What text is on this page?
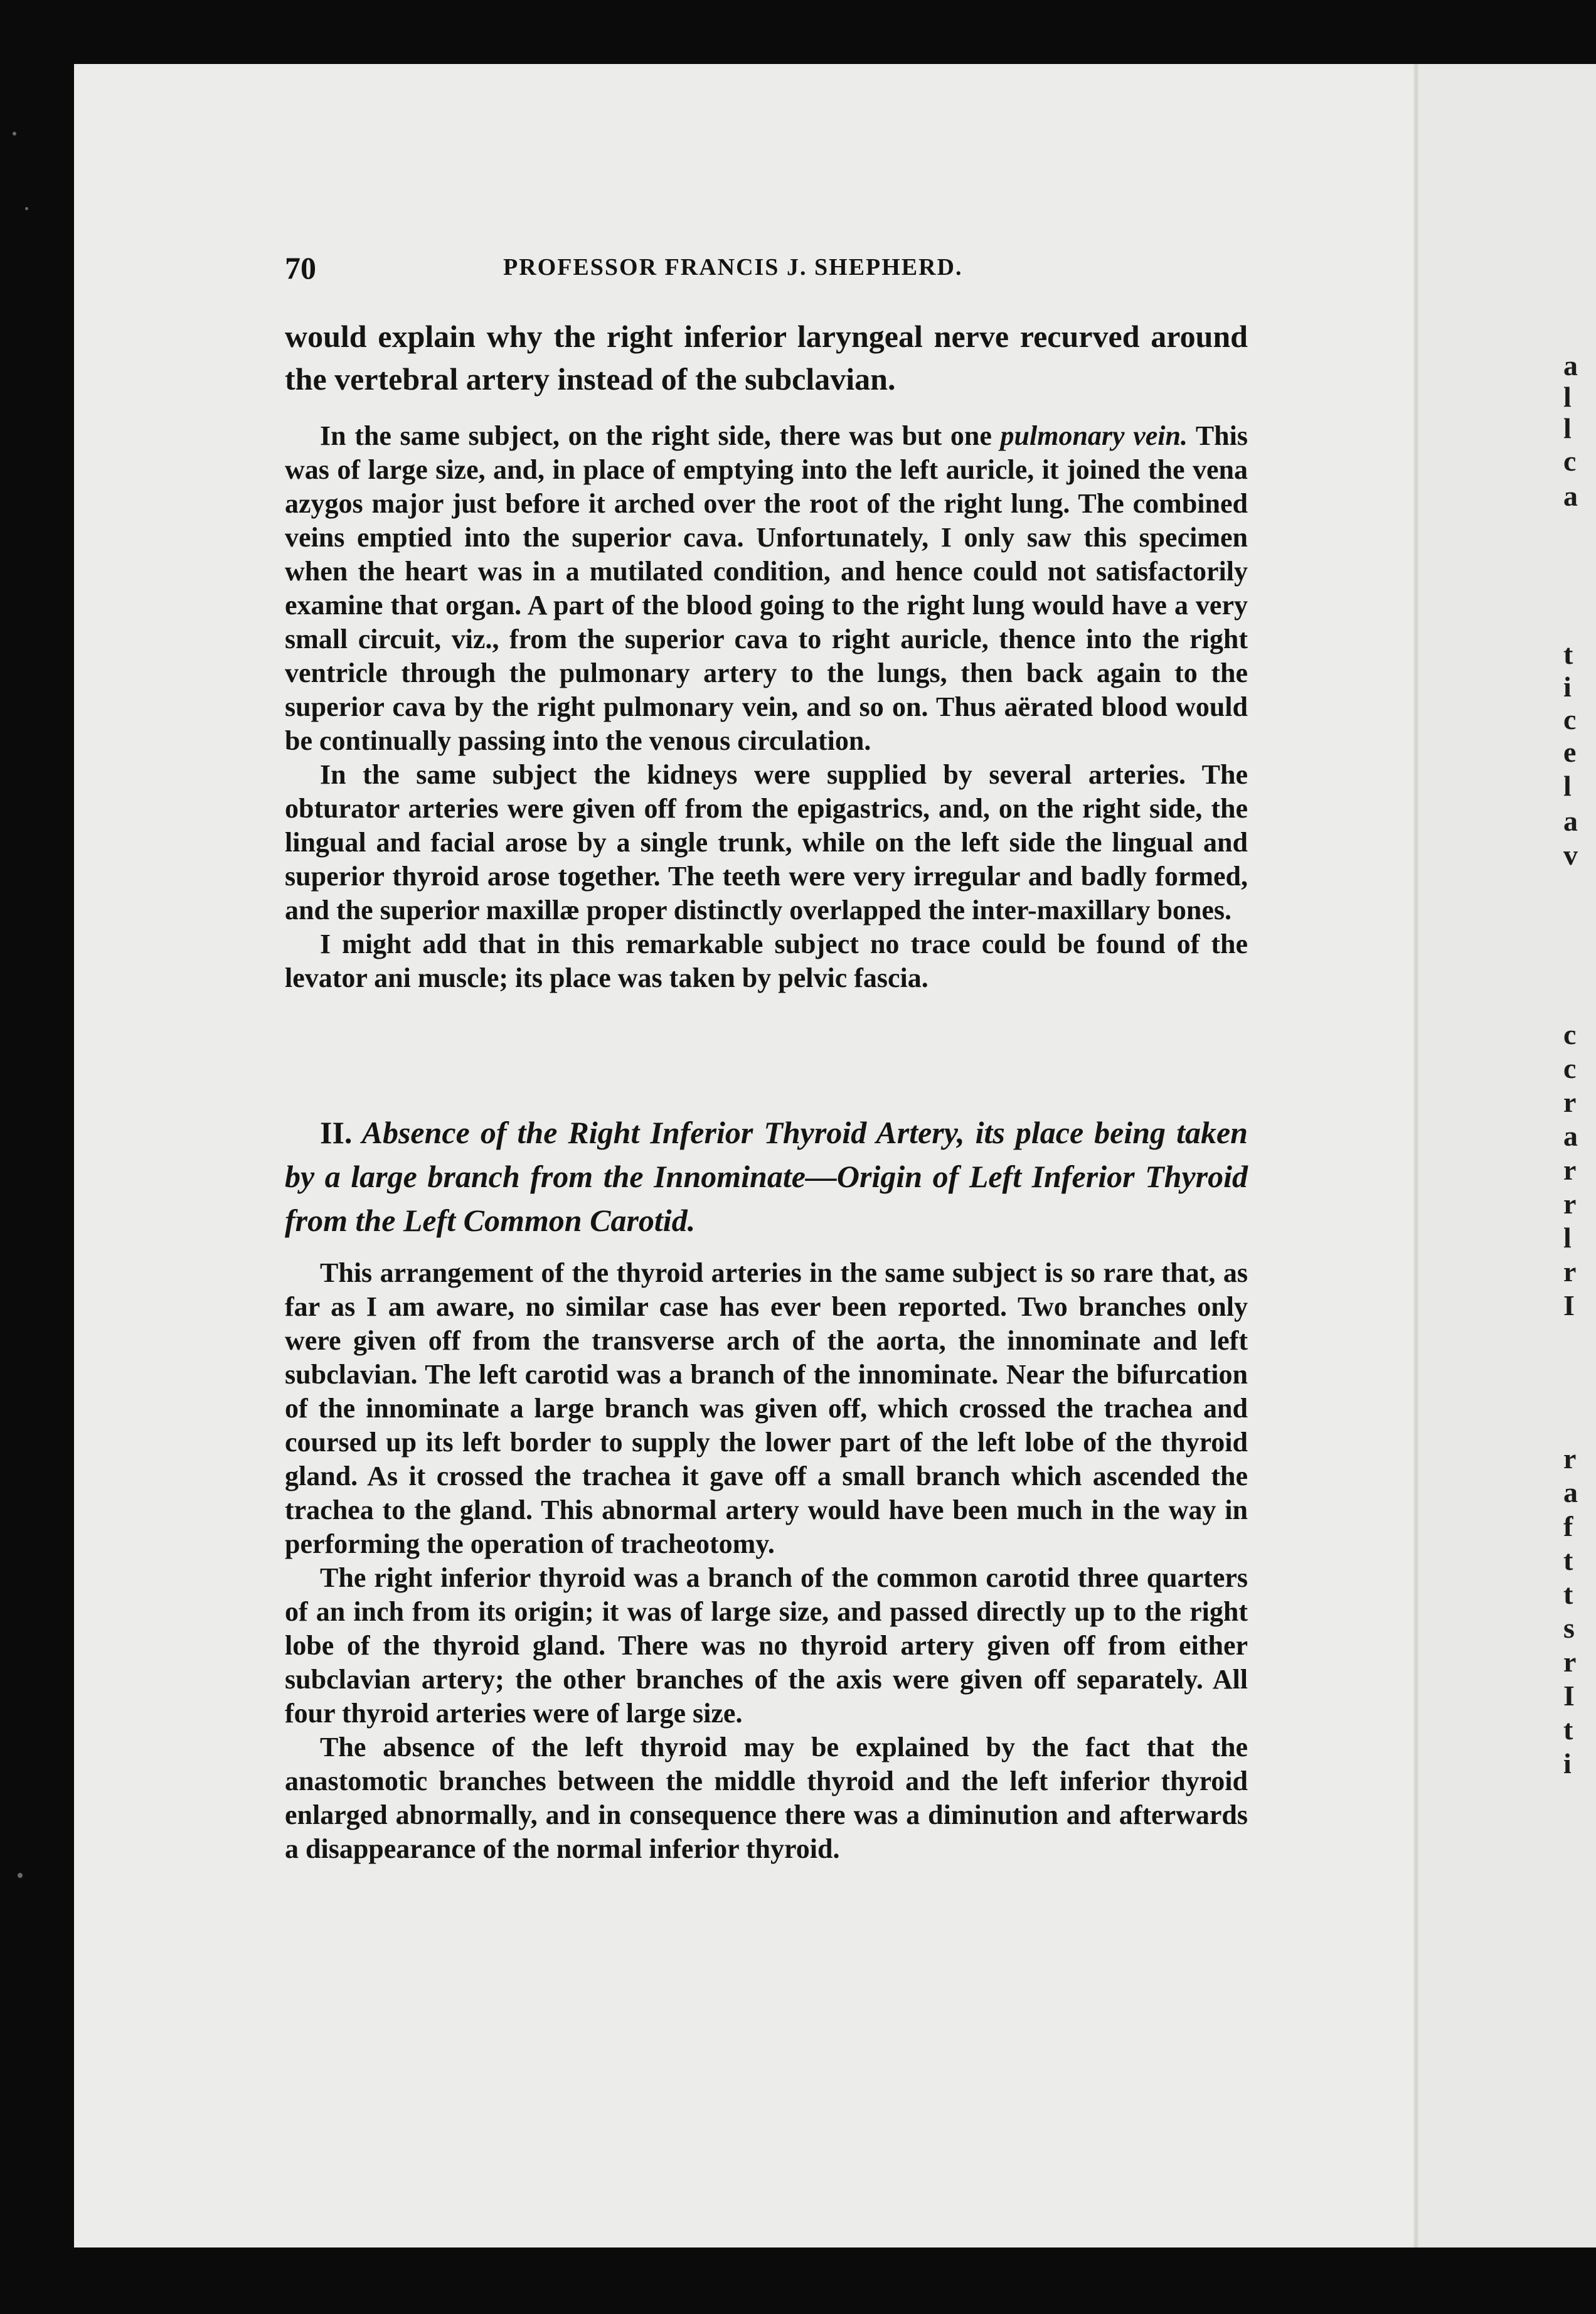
a
l
l
c
a
t
i
c
e
l
a
v
c
c
r
a
r
r
l
r
I
r
a
f
t
t
s
r
I
t
i
70	PROFESSOR FRANCIS J. SHEPHERD.

would explain why the right inferior laryngeal nerve recurved around the vertebral artery instead of the subclavian.

In the same subject, on the right side, there was but one pulmonary vein. This was of large size, and, in place of emptying into the left auricle, it joined the vena azygos major just before it arched over the root of the right lung. The combined veins emptied into the superior cava. Unfortunately, I only saw this specimen when the heart was in a mutilated condition, and hence could not satisfactorily examine that organ. A part of the blood going to the right lung would have a very small circuit, viz., from the superior cava to right auricle, thence into the right ventricle through the pulmonary artery to the lungs, then back again to the superior cava by the right pulmonary vein, and so on. Thus aërated blood would be continually passing into the venous circulation.

In the same subject the kidneys were supplied by several arteries. The obturator arteries were given off from the epigastrics, and, on the right side, the lingual and facial arose by a single trunk, while on the left side the lingual and superior thyroid arose together. The teeth were very irregular and badly formed, and the superior maxillæ proper distinctly overlapped the inter-maxillary bones.

I might add that in this remarkable subject no trace could be found of the levator ani muscle; its place was taken by pelvic fascia.

II. Absence of the Right Inferior Thyroid Artery, its place being taken by a large branch from the Innominate—Origin of Left Inferior Thyroid from the Left Common Carotid.

This arrangement of the thyroid arteries in the same subject is so rare that, as far as I am aware, no similar case has ever been reported. Two branches only were given off from the transverse arch of the aorta, the innominate and left subclavian. The left carotid was a branch of the innominate. Near the bifurcation of the innominate a large branch was given off, which crossed the trachea and coursed up its left border to supply the lower part of the left lobe of the thyroid gland. As it crossed the trachea it gave off a small branch which ascended the trachea to the gland. This abnormal artery would have been much in the way in performing the operation of tracheotomy.

The right inferior thyroid was a branch of the common carotid three quarters of an inch from its origin; it was of large size, and passed directly up to the right lobe of the thyroid gland. There was no thyroid artery given off from either subclavian artery; the other branches of the axis were given off separately. All four thyroid arteries were of large size.

The absence of the left thyroid may be explained by the fact that the anastomotic branches between the middle thyroid and the left inferior thyroid enlarged abnormally, and in consequence there was a diminution and afterwards a disappearance of the normal inferior thyroid.
